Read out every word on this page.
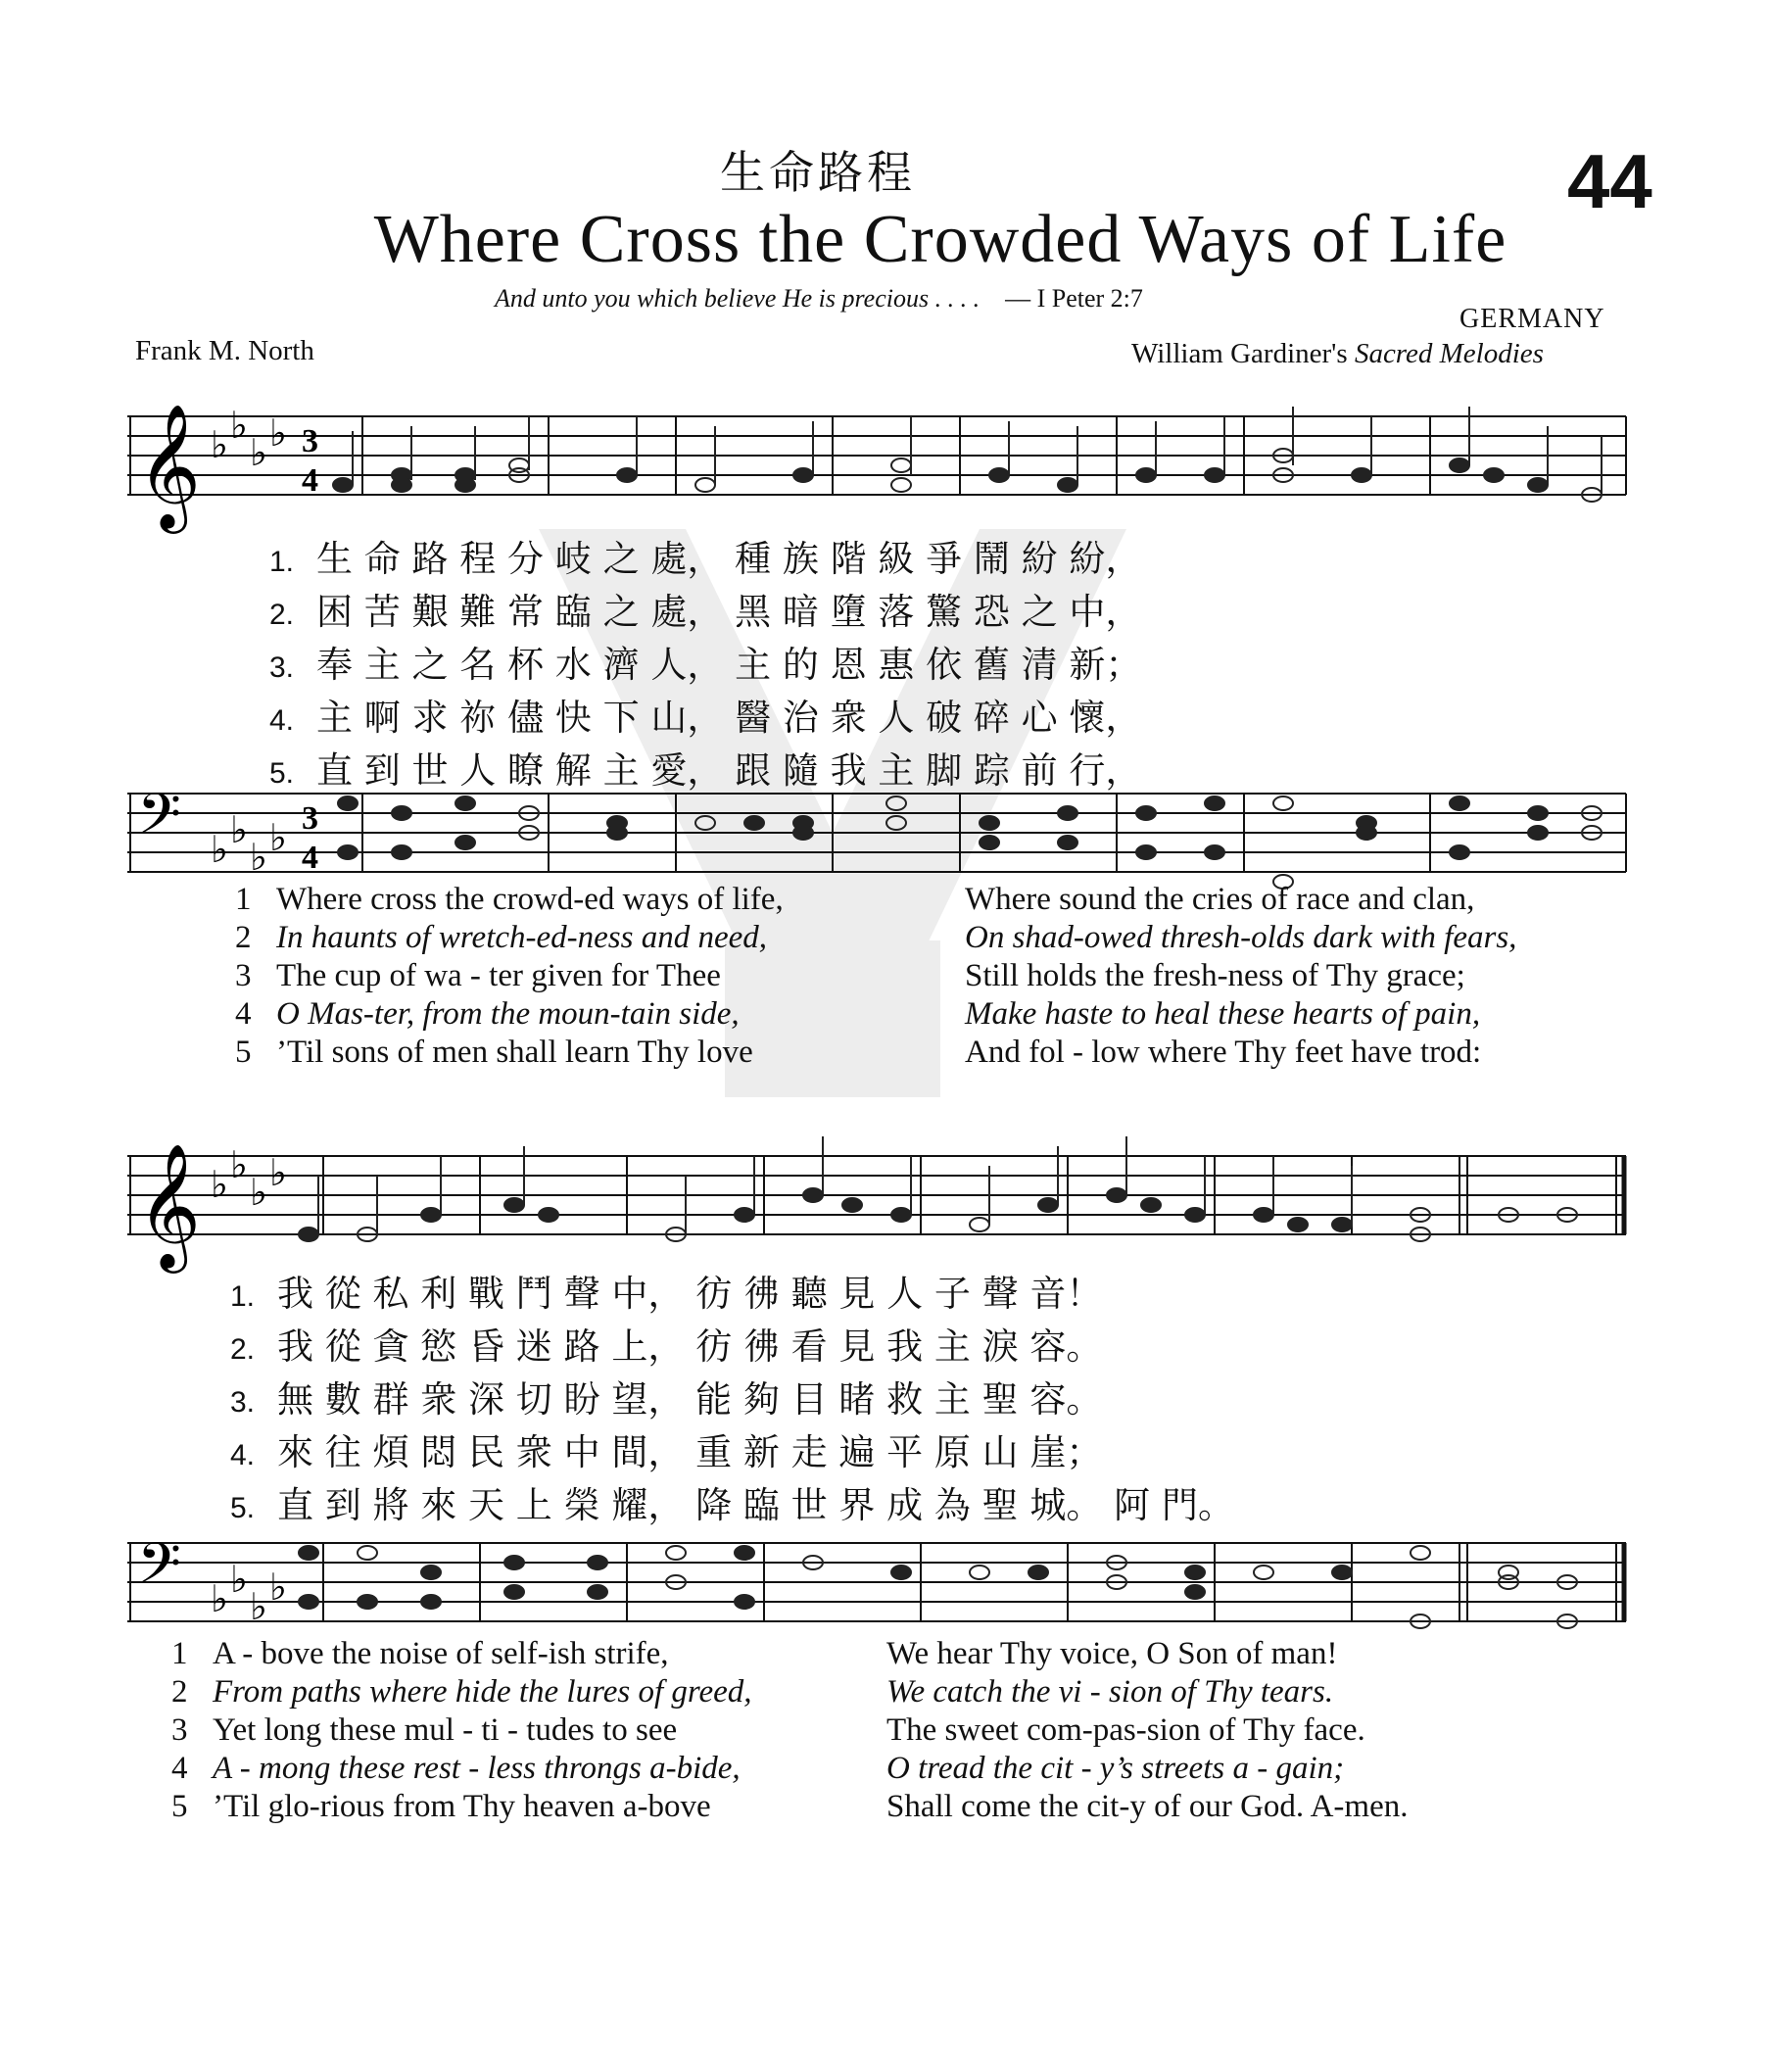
生命路程	44
Where Cross the Crowded Ways of Life
And unto you which believe He is precious . . . . — I Peter 2:7
GERMANY
Frank M. North	William Gardiner's Sacred Melodies
𝄞 ♭ ♭
♭ ♭ 3
4
1. 生 命 路 程 分 岐 之 處， 種 族 階 級 爭 鬧 紛 紛，
2. 困 苦 艱 難 常 臨 之 處， 黑 暗 墮 落 驚 恐 之 中，
3. 奉 主 之 名 杯 水 濟 人， 主 的 恩 惠 依 舊 清 新；
4. 主 啊 求 祢 儘 快 下 山， 醫 治 衆 人 破 碎 心 懷，
5. 直 到 世 人 瞭 解 主 愛， 跟 隨 我 主 脚 踪 前 行，
𝄢 ♭ ♭
♭ ♭ 3
4
1 Where cross the crowd-ed ways of life,	Where sound the cries of race and clan,
2 In haunts of wretch-ed-ness and need,	On shad-owed thresh-olds dark with fears,
3 The cup of wa - ter given for Thee	Still holds the fresh-ness of Thy grace;
4 O Mas-ter, from the moun-tain side,	Make haste to heal these hearts of pain,
5 ’Til sons of men shall learn Thy love	And fol - low where Thy feet have trod:
𝄞 ♭ ♭
♭ ♭
1. 我 從 私 利 戰 鬥 聲 中， 彷 彿 聽 見 人 子 聲 音！
2. 我 從 貪 慾 昏 迷 路 上， 彷 彿 看 見 我 主 淚 容。
3. 無 數 群 衆 深 切 盼 望， 能 夠 目 睹 救 主 聖 容。
4. 來 往 煩 悶 民 衆 中 間， 重 新 走 遍 平 原 山 崖；
5. 直 到 將 來 天 上 榮 耀， 降 臨 世 界 成 為 聖 城。 阿 門。
𝄢 ♭ ♭
♭ ♭
1 A - bove the noise of self-ish strife,	We hear Thy voice, O Son of man!
2 From paths where hide the lures of greed,	We catch the vi - sion of Thy tears.
3 Yet long these mul - ti - tudes to see	The sweet com-pas-sion of Thy face.
4 A - mong these rest - less throngs a-bide,	O tread the cit - y’s streets a - gain;
5 ’Til glo-rious from Thy heaven a-bove	Shall come the cit-y of our God. A-men.
